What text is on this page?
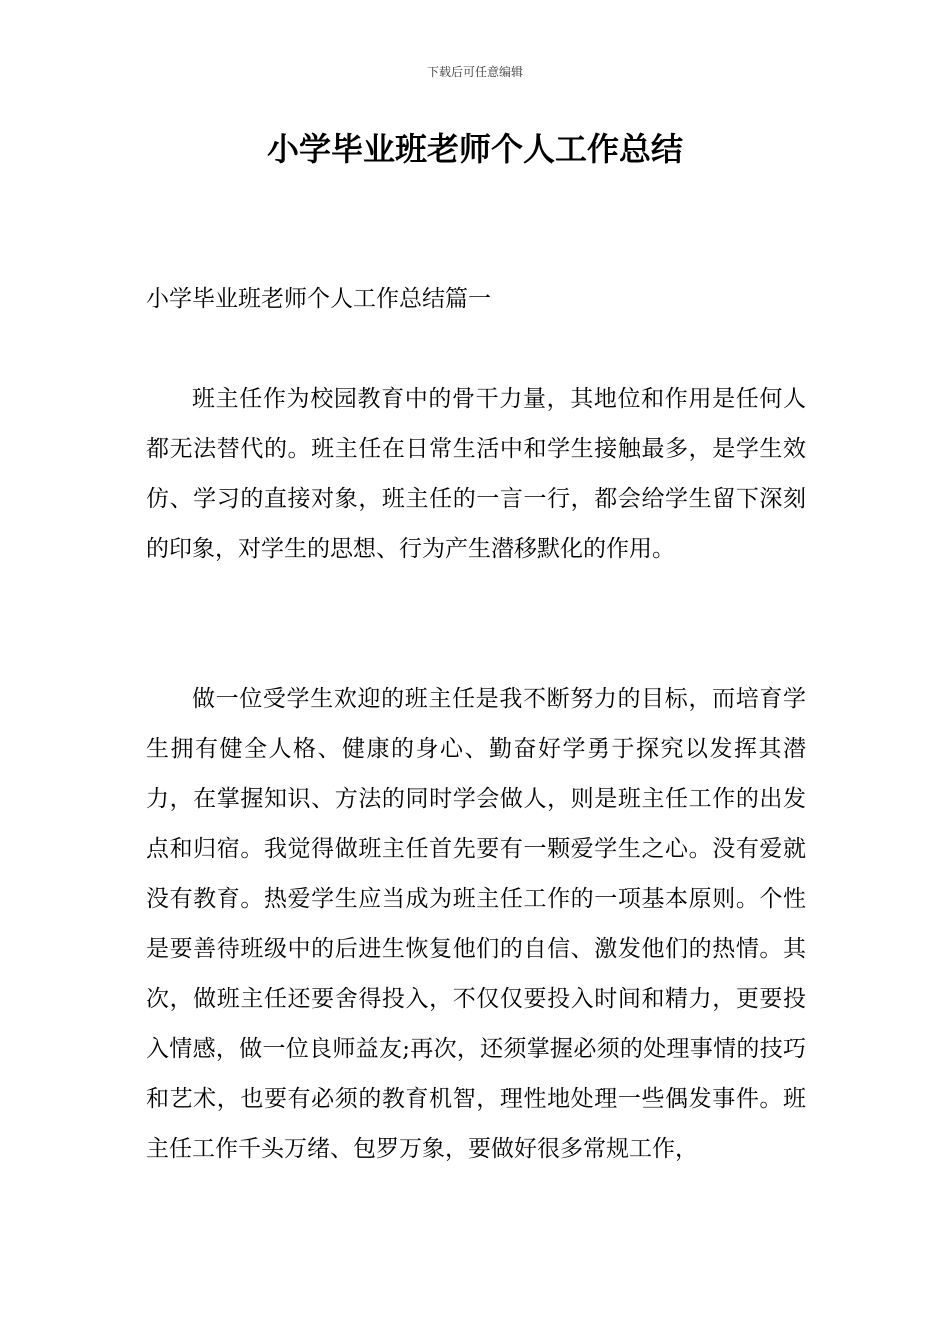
下载后可任意编辑
小学毕业班老师个人工作总结
小学毕业班老师个人工作总结篇一

班主任作为校园教育中的骨干力量，其地位和作用是任何人都无法替代的。班主任在日常生活中和学生接触最多，是学生效仿、学习的直接对象，班主任的一言一行，都会给学生留下深刻的印象，对学生的思想、行为产生潜移默化的作用。

做一位受学生欢迎的班主任是我不断努力的目标，而培育学生拥有健全人格、健康的身心、勤奋好学勇于探究以发挥其潜力，在掌握知识、方法的同时学会做人，则是班主任工作的出发点和归宿。我觉得做班主任首先要有一颗爱学生之心。没有爱就没有教育。热爱学生应当成为班主任工作的一项基本原则。个性是要善待班级中的后进生恢复他们的自信、激发他们的热情。其次，做班主任还要舍得投入，不仅仅要投入时间和精力，更要投入情感，做一位良师益友;再次，还须掌握必须的处理事情的技巧和艺术，也要有必须的教育机智，理性地处理一些偶发事件。班主任工作千头万绪、包罗万象，要做好很多常规工作，
